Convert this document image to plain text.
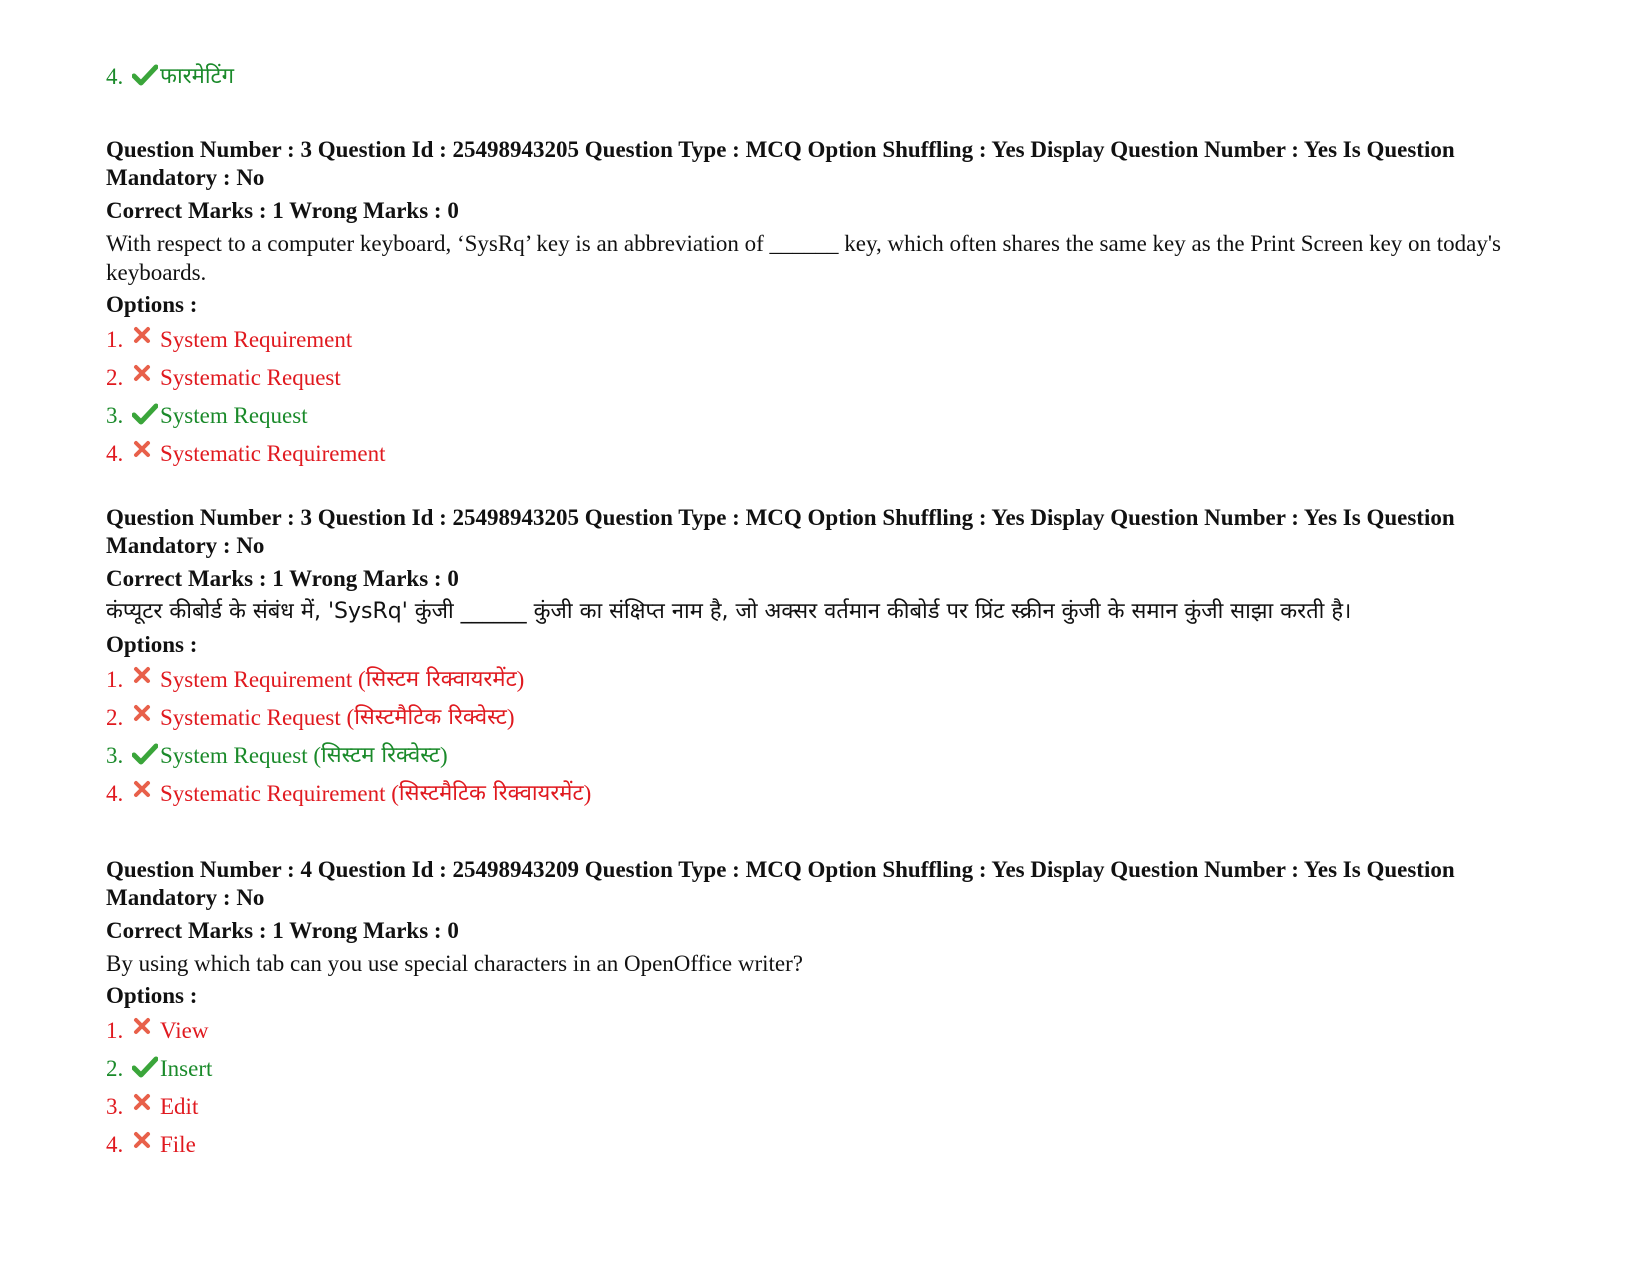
4.	फारमेटिंग
Question Number : 3 Question Id : 25498943205 Question Type : MCQ Option Shuffling : Yes Display Question Number : Yes Is Question Mandatory : No
Correct Marks : 1 Wrong Marks : 0
With respect to a computer keyboard, ‘SysRq’ key is an abbreviation of ______ key, which often shares the same key as the Print Screen key on today's keyboards.
Options :
1.	System Requirement
2.	Systematic Request
3.	System Request
4.	Systematic Requirement
Question Number : 3 Question Id : 25498943205 Question Type : MCQ Option Shuffling : Yes Display Question Number : Yes Is Question Mandatory : No
Correct Marks : 1 Wrong Marks : 0
कंप्यूटर कीबोर्ड के संबंध में, 'SysRq' कुंजी ______ कुंजी का संक्षिप्त नाम है, जो अक्सर वर्तमान कीबोर्ड पर प्रिंट स्क्रीन कुंजी के समान कुंजी साझा करती है।
Options :
1.	System Requirement ( सिस्टम रिक्वायरमेंट )
2.	Systematic Request ( सिस्टमैटिक रिक्वेस्ट )
3.	System Request ( सिस्टम रिक्वेस्ट )
4.	Systematic Requirement ( सिस्टमैटिक रिक्वायरमेंट )
Question Number : 4 Question Id : 25498943209 Question Type : MCQ Option Shuffling : Yes Display Question Number : Yes Is Question Mandatory : No
Correct Marks : 1 Wrong Marks : 0
By using which tab can you use special characters in an OpenOffice writer?
Options :
1.	View
2.	Insert
3.	Edit
4.	File
